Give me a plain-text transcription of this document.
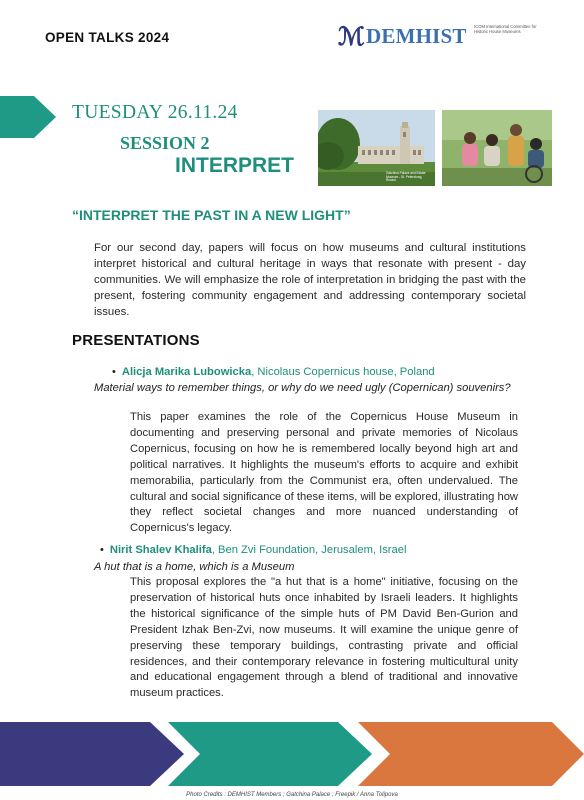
OPEN TALKS 2024	ℳ DEMHIST ICOM International Committee for Historic House Museums
TUESDAY 26.11.24
SESSION 2
INTERPRET	Gatchina Palace and Estate Museum - St. Petersburg, Russia
“INTERPRET THE PAST IN A NEW LIGHT”
For our second day, papers will focus on how museums and cultural institutions interpret historical and cultural heritage in ways that resonate with present - day communities. We will emphasize the role of interpretation in bridging the past with the present, fostering community engagement and addressing contemporary societal issues.
PRESENTATIONS
• Alicja Marika Lubowicka, Nicolaus Copernicus house, Poland
Material ways to remember things, or why do we need ugly (Copernican) souvenirs?
This paper examines the role of the Copernicus House Museum in documenting and preserving personal and private memories of Nicolaus Copernicus, focusing on how he is remembered locally beyond high art and political narratives. It highlights the museum's efforts to acquire and exhibit memorabilia, particularly from the Communist era, often undervalued. The cultural and social significance of these items, will be explored, illustrating how they reflect societal changes and more nuanced understanding of Copernicus's legacy.
• Nirit Shalev Khalifa, Ben Zvi Foundation, Jerusalem, Israel
A hut that is a home, which is a Museum
This proposal explores the "a hut that is a home" initiative, focusing on the preservation of historical huts once inhabited by Israeli leaders. It highlights the historical significance of the simple huts of PM David Ben-Gurion and President Izhak Ben-Zvi, now museums. It will examine the unique genre of preserving these temporary buildings, contrasting private and official residences, and their contemporary relevance in fostering multicultural unity and educational engagement through a blend of traditional and innovative museum practices.
Photo Credits : DEMHIST Members ; Gatchina Palace ; Freepik / Anna Tolipova
